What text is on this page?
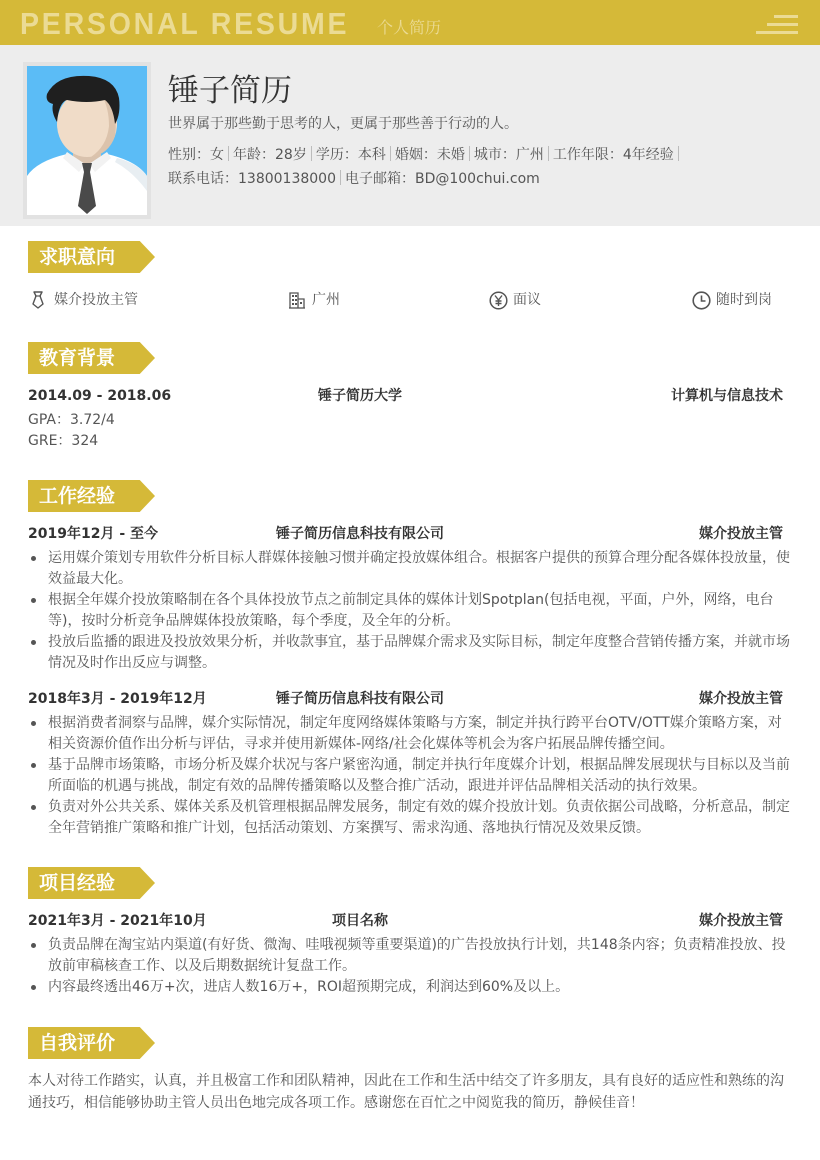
PERSONAL RESUME 个人简历
锤子简历
世界属于那些勤于思考的人，更属于那些善于行动的人。
性别：女 年龄：28岁 学历：本科 婚姻：未婚 城市：广州 工作年限：4年经验
联系电话：13800138000 电子邮箱：BD@100chui.com
求职意向
媒介投放主管	广州	面议	随时到岗
教育背景
2014.09 - 2018.06	锤子简历大学	计算机与信息技术
GPA：3.72/4
GRE：324
工作经验
2019年12月 - 至今	锤子简历信息科技有限公司	媒介投放主管
运用媒介策划专用软件分析目标人群媒体接触习惯并确定投放媒体组合。根据客户提供的预算合理分配各媒体投放量，使效益最大化。
根据全年媒介投放策略制在各个具体投放节点之前制定具体的媒体计划Spotplan(包括电视，平面，户外，网络，电台等)，按时分析竞争品牌媒体投放策略，每个季度，及全年的分析。
投放后监播的跟进及投放效果分析，并收款事宜，基于品牌媒介需求及实际目标，制定年度整合营销传播方案，并就市场情况及时作出反应与调整。
2018年3月 - 2019年12月	锤子简历信息科技有限公司	媒介投放主管
根据消费者洞察与品牌，媒介实际情况，制定年度网络媒体策略与方案，制定并执行跨平台OTV/OTT媒介策略方案，对相关资源价值作出分析与评估，寻求并使用新媒体-网络/社会化媒体等机会为客户拓展品牌传播空间。
基于品牌市场策略，市场分析及媒介状况与客户紧密沟通，制定并执行年度媒介计划，根据品牌发展现状与目标以及当前所面临的机遇与挑战，制定有效的品牌传播策略以及整合推广活动，跟进并评估品牌相关活动的执行效果。
负责对外公共关系、媒体关系及机管理根据品牌发展务，制定有效的媒介投放计划。负责依据公司战略，分析意品，制定全年营销推广策略和推广计划，包括活动策划、方案撰写、需求沟通、落地执行情况及效果反馈。
项目经验
2021年3月 - 2021年10月	项目名称	媒介投放主管
负责品牌在淘宝站内渠道(有好货、微淘、哇哦视频等重要渠道)的广告投放执行计划，共148条内容；负责精准投放、投放前审稿核查工作、以及后期数据统计复盘工作。
内容最终透出46万+次，进店人数16万+，ROI超预期完成，利润达到60%及以上。
自我评价
本人对待工作踏实，认真，并且极富工作和团队精神，因此在工作和生活中结交了许多朋友，具有良好的适应性和熟练的沟通技巧，相信能够协助主管人员出色地完成各项工作。感谢您在百忙之中阅览我的简历，静候佳音！
